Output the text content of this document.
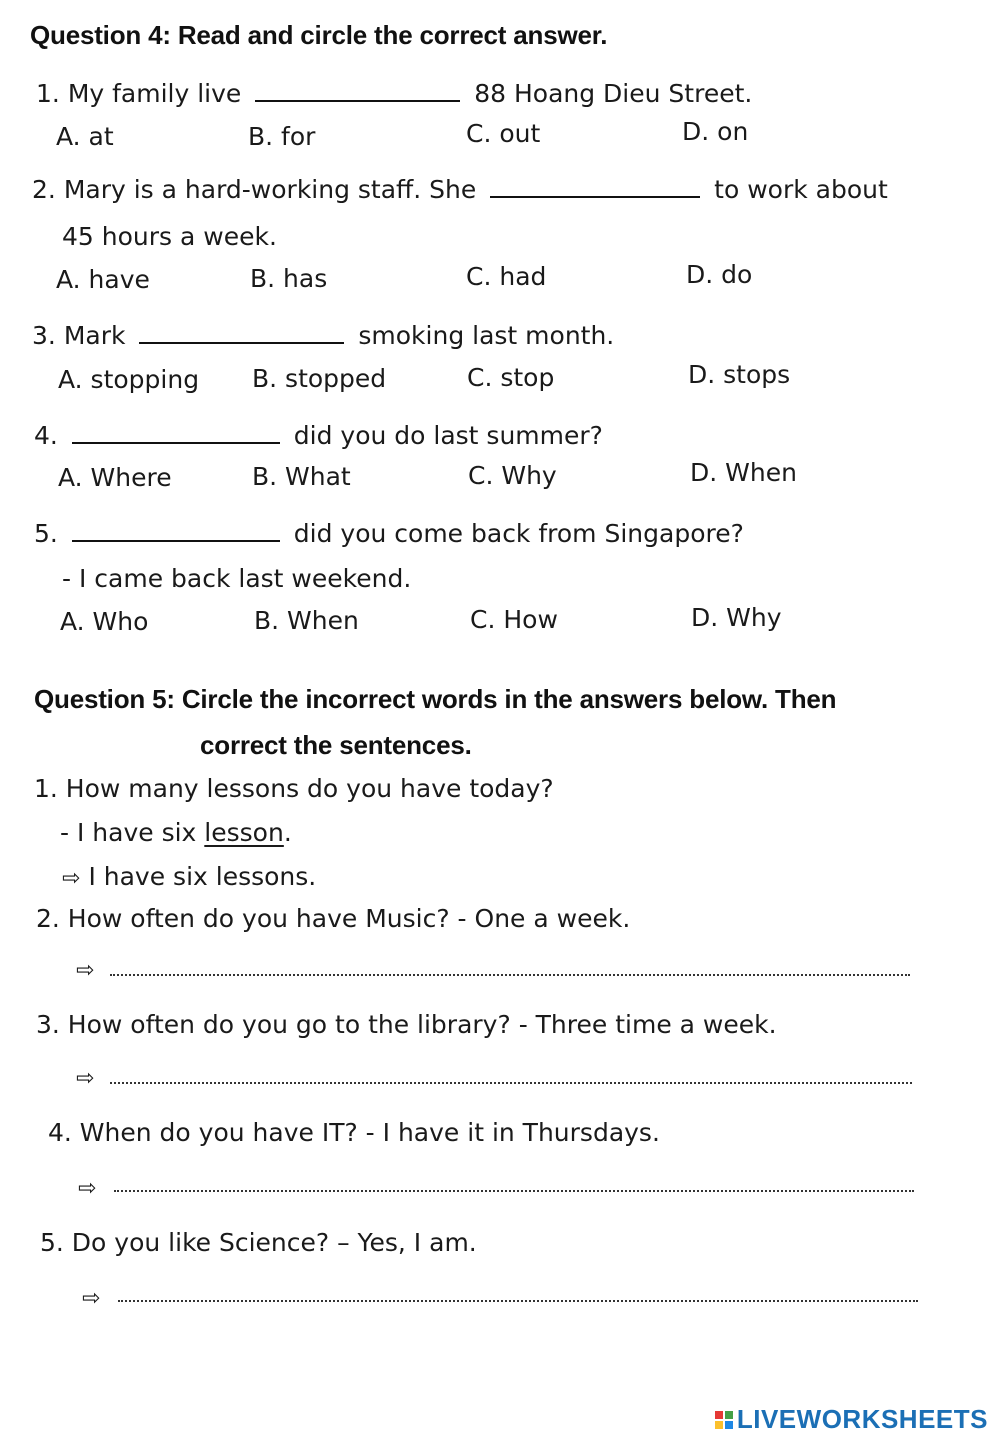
Question 4: Read and circle the correct answer.
1. My family live	88 Hoang Dieu Street.
A. at	B. for	C. out	D. on
2. Mary is a hard-working staff. She	to work about
45 hours a week.
A. have	B. has	C. had	D. do
3. Mark	smoking last month.
A. stopping B. stopped	C. stop	D. stops
4.	did you do last summer?
A. Where	B. What	C. Why	D. When
5.	did you come back from Singapore?
- I came back last weekend.
A. Who	B. When	C. How	D. Why
Question 5: Circle the incorrect words in the answers below. Then
correct the sentences.
1. How many lessons do you have today?
- I have six lesson.
⇨ I have six lessons.
2. How often do you have Music? - One a week.
⇨
3. How often do you go to the library? - Three time a week.
⇨
4. When do you have IT? - I have it in Thursdays.
⇨
5. Do you like Science? – Yes, I am.
⇨
LIVEWORKSHEETS
